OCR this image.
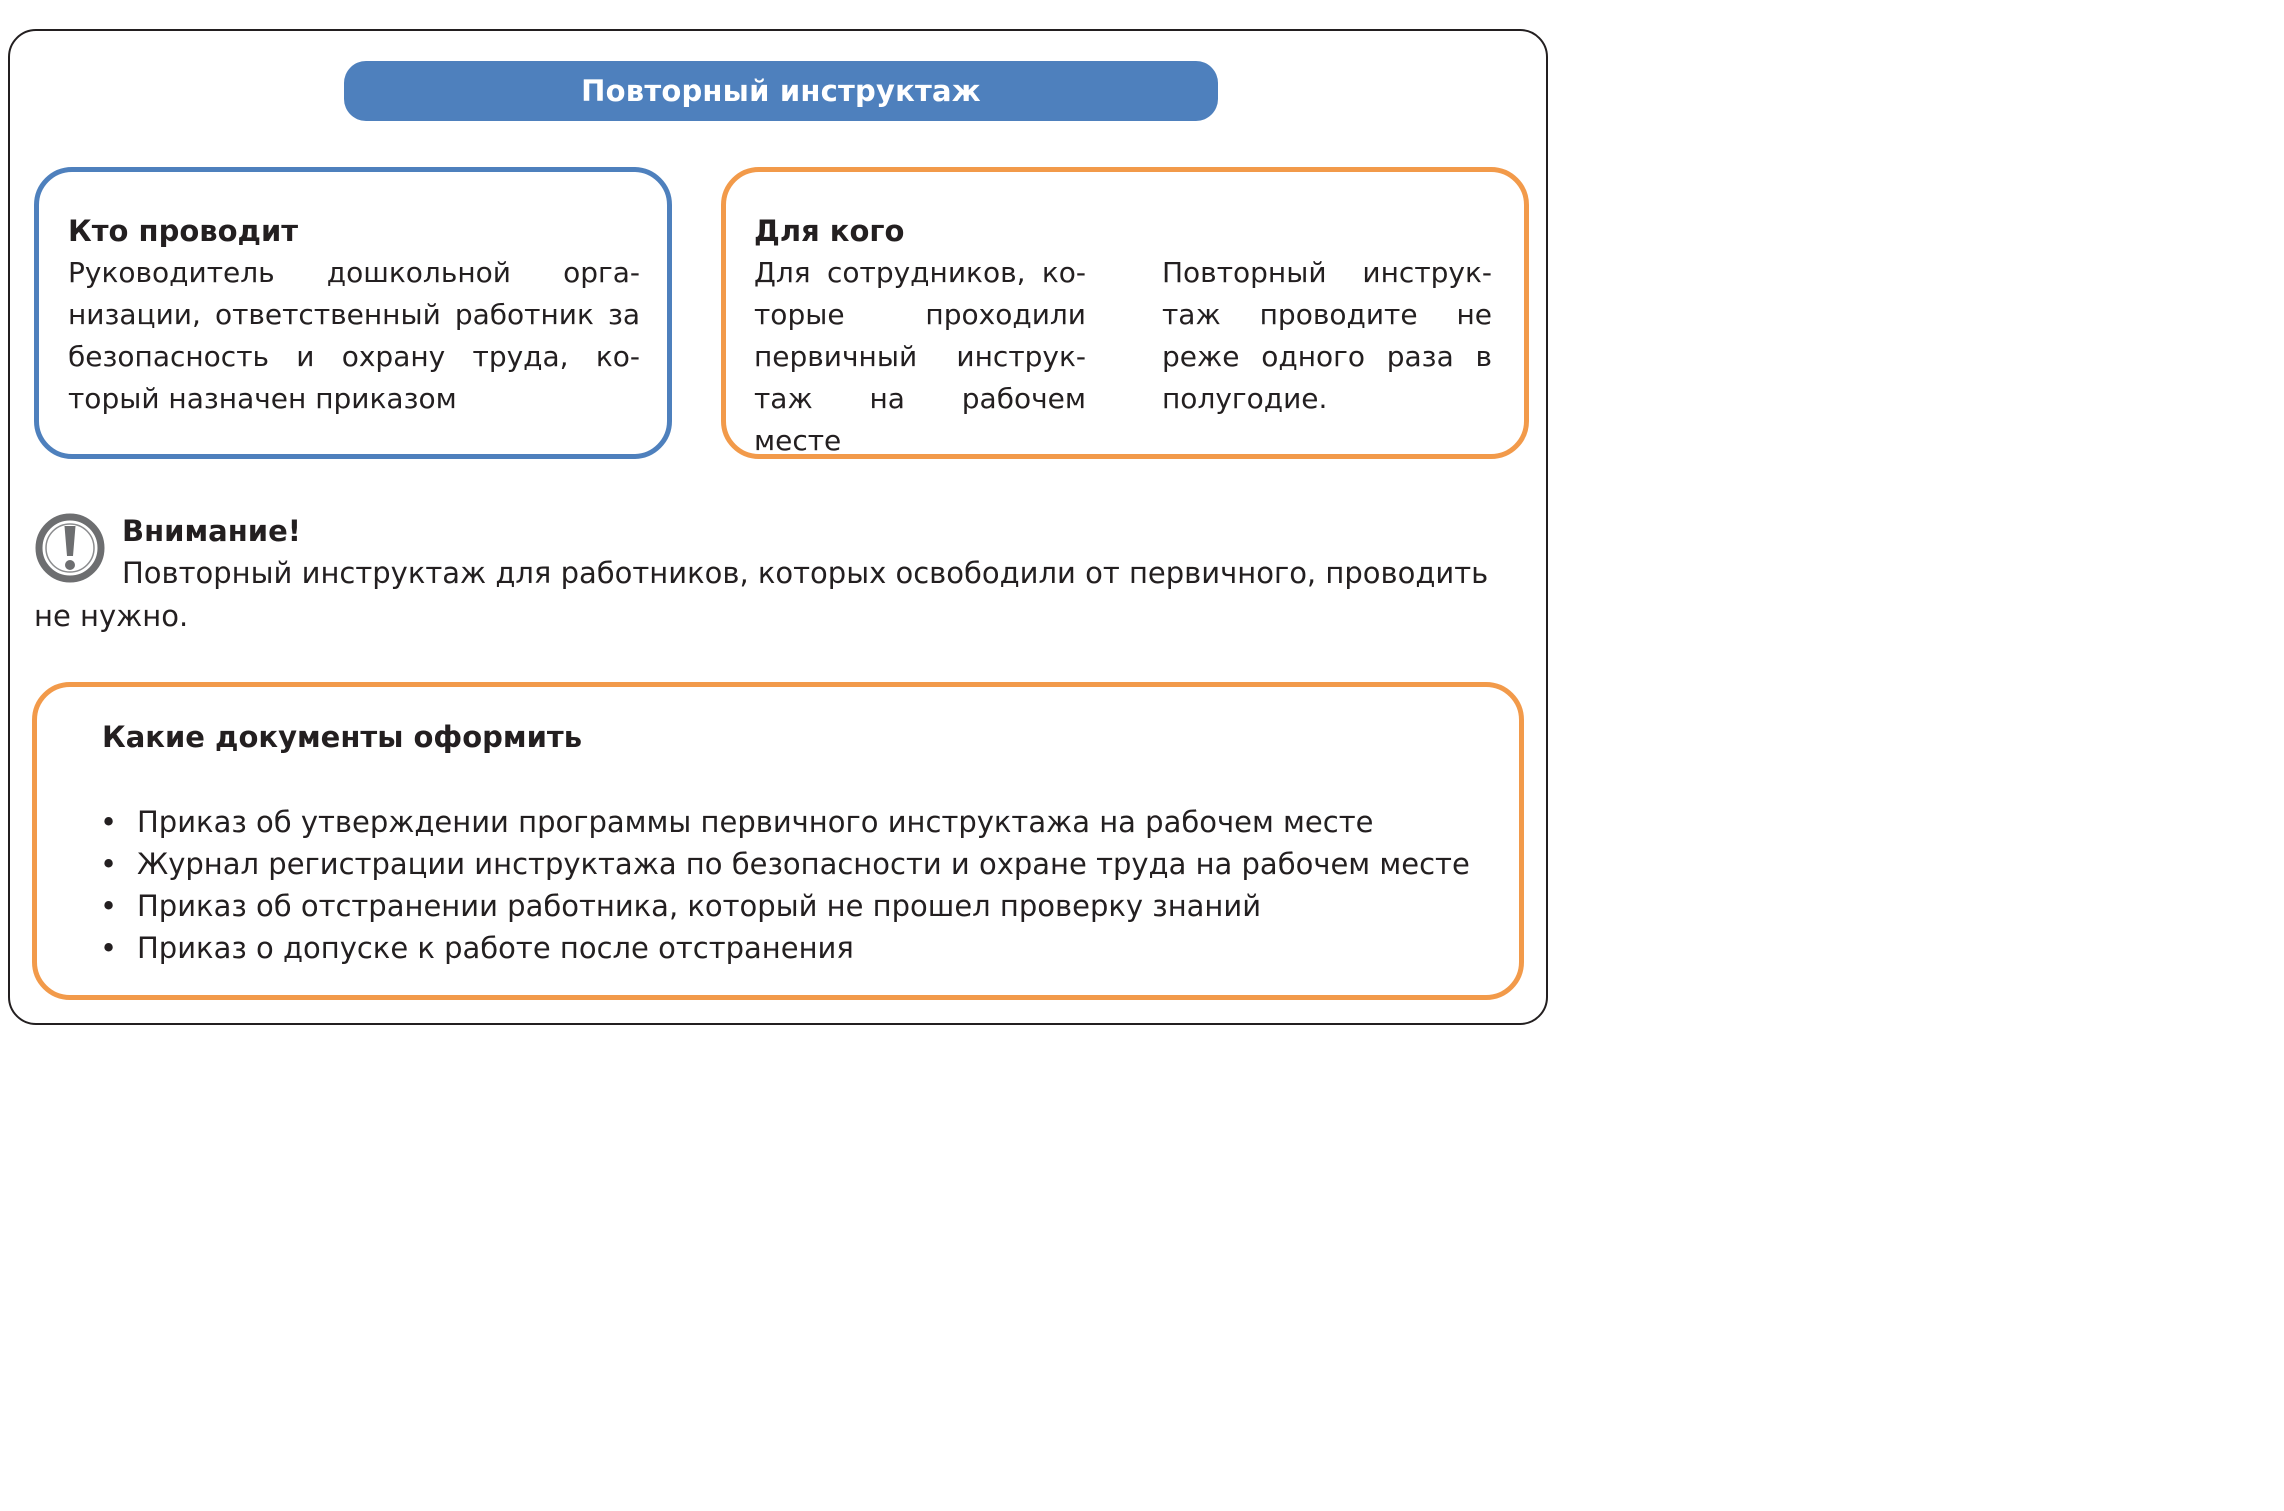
Повторный инструктаж
Кто проводит
Руководитель дошкольной организации, ответственный работник за безопасность и охрану труда, который назначен приказом
Для кого
Для сотрудников, которые проходили первичный инструктаж на рабочем месте
Повторный инструктаж проводите не реже одного раза в полугодие.
Внимание!
Повторный инструктаж для работников, которых освободили от первичного, проводить не нужно.
Какие документы оформить
• Приказ об утверждении программы первичного инструктажа на рабочем месте
• Журнал регистрации инструктажа по безопасности и охране труда на рабочем месте
• Приказ об отстранении работника, который не прошел проверку знаний
• Приказ о допуске к работе после отстранения
